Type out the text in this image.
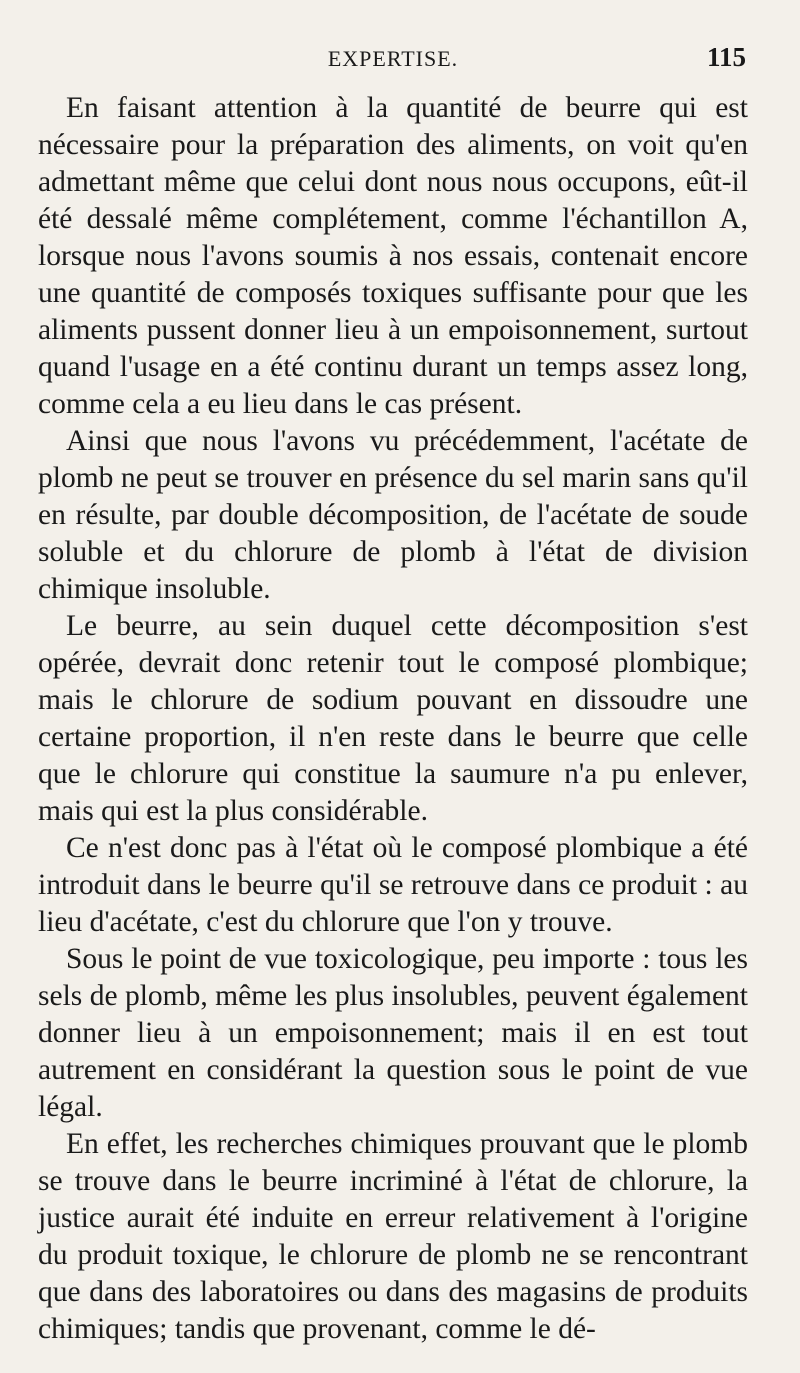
EXPERTISE.	115

En faisant attention à la quantité de beurre qui est nécessaire pour la préparation des aliments, on voit qu'en admettant même que celui dont nous nous occupons, eût-il été dessalé même complétement, comme l'échantillon A, lorsque nous l'avons soumis à nos essais, contenait encore une quantité de composés toxiques suffisante pour que les aliments pussent donner lieu à un empoisonnement, surtout quand l'usage en a été continu durant un temps assez long, comme cela a eu lieu dans le cas présent.

Ainsi que nous l'avons vu précédemment, l'acétate de plomb ne peut se trouver en présence du sel marin sans qu'il en résulte, par double décomposition, de l'acétate de soude soluble et du chlorure de plomb à l'état de division chimique insoluble.

Le beurre, au sein duquel cette décomposition s'est opérée, devrait donc retenir tout le composé plombique; mais le chlorure de sodium pouvant en dissoudre une certaine proportion, il n'en reste dans le beurre que celle que le chlorure qui constitue la saumure n'a pu enlever, mais qui est la plus considérable.

Ce n'est donc pas à l'état où le composé plombique a été introduit dans le beurre qu'il se retrouve dans ce produit : au lieu d'acétate, c'est du chlorure que l'on y trouve.

Sous le point de vue toxicologique, peu importe : tous les sels de plomb, même les plus insolubles, peuvent également donner lieu à un empoisonnement; mais il en est tout autrement en considérant la question sous le point de vue légal.

En effet, les recherches chimiques prouvant que le plomb se trouve dans le beurre incriminé à l'état de chlorure, la justice aurait été induite en erreur relativement à l'origine du produit toxique, le chlorure de plomb ne se rencontrant que dans des laboratoires ou dans des magasins de produits chimiques; tandis que provenant, comme le dé-
